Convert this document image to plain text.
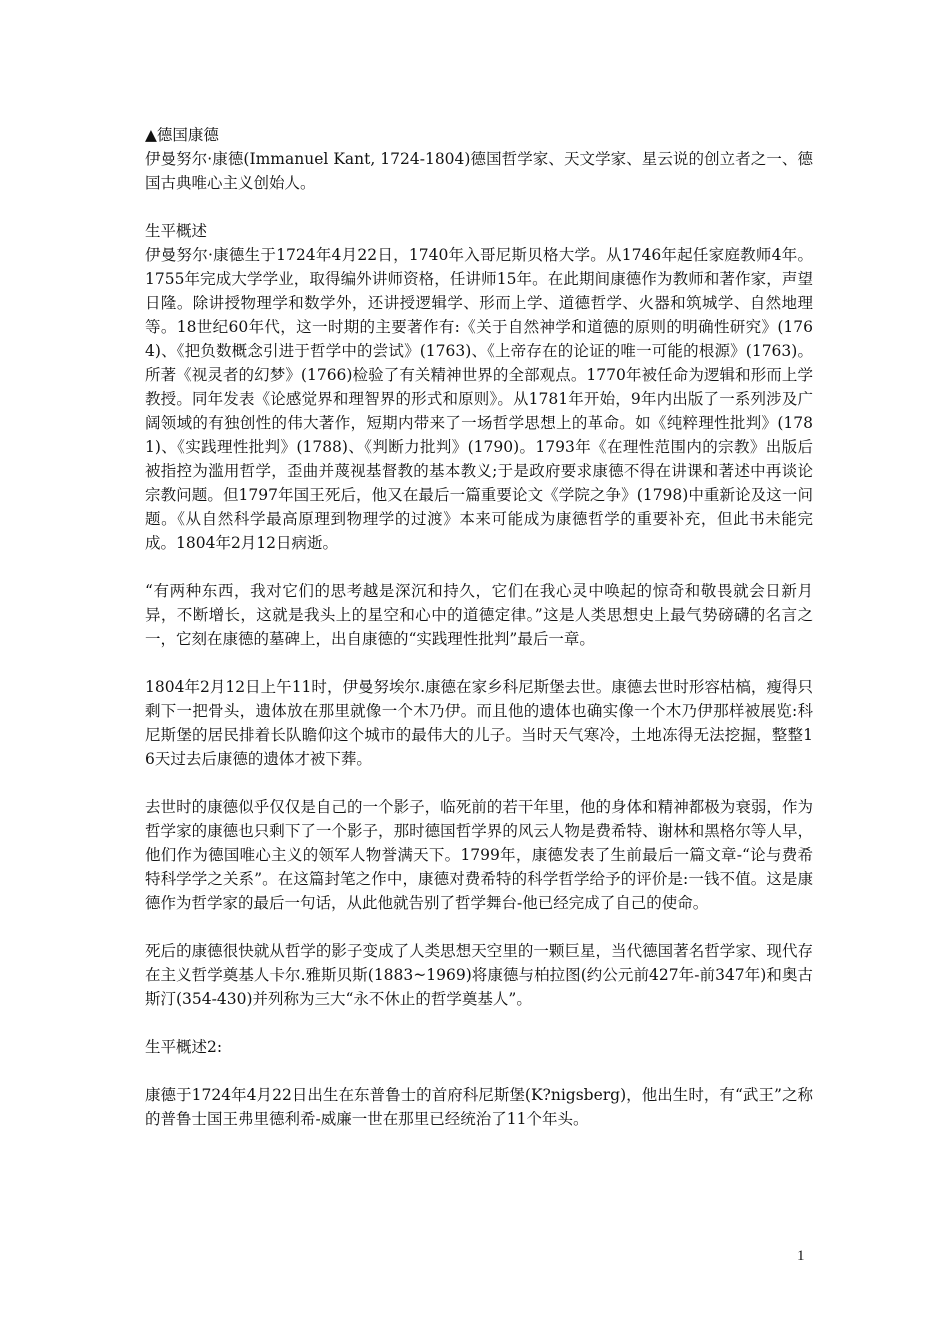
▲德国康德

伊曼努尔·康德(Immanuel Kant, 1724-1804)德国哲学家、天文学家、星云说的创立者之一、德国古典唯心主义创始人。

生平概述

伊曼努尔·康德生于1724年4月22日，1740年入哥尼斯贝格大学。从1746年起任家庭教师4年。1755年完成大学学业，取得编外讲师资格，任讲师15年。在此期间康德作为教师和著作家，声望日隆。除讲授物理学和数学外，还讲授逻辑学、形而上学、道德哲学、火器和筑城学、自然地理等。18世纪60年代，这一时期的主要著作有:《关于自然神学和道德的原则的明确性研究》(1764)、《把负数概念引进于哲学中的尝试》(1763)、《上帝存在的论证的唯一可能的根源》(1763)。所著《视灵者的幻梦》(1766)检验了有关精神世界的全部观点。1770年被任命为逻辑和形而上学教授。同年发表《论感觉界和理智界的形式和原则》。从1781年开始，9年内出版了一系列涉及广阔领域的有独创性的伟大著作，短期内带来了一场哲学思想上的革命。如《纯粹理性批判》(1781)、《实践理性批判》(1788)、《判断力批判》(1790)。1793年《在理性范围内的宗教》出版后被指控为滥用哲学，歪曲并蔑视基督教的基本教义;于是政府要求康德不得在讲课和著述中再谈论宗教问题。但1797年国王死后，他又在最后一篇重要论文《学院之争》(1798)中重新论及这一问题。《从自然科学最高原理到物理学的过渡》本来可能成为康德哲学的重要补充，但此书未能完成。1804年2月12日病逝。

“有两种东西，我对它们的思考越是深沉和持久，它们在我心灵中唤起的惊奇和敬畏就会日新月异，不断增长，这就是我头上的星空和心中的道德定律。”这是人类思想史上最气势磅礴的名言之一，它刻在康德的墓碑上，出自康德的“实践理性批判”最后一章。

1804年2月12日上午11时，伊曼努埃尔.康德在家乡科尼斯堡去世。康德去世时形容枯槁，瘦得只剩下一把骨头，遗体放在那里就像一个木乃伊。而且他的遗体也确实像一个木乃伊那样被展览:科尼斯堡的居民排着长队瞻仰这个城市的最伟大的儿子。当时天气寒冷，土地冻得无法挖掘，整整16天过去后康德的遗体才被下葬。

去世时的康德似乎仅仅是自己的一个影子，临死前的若干年里，他的身体和精神都极为衰弱，作为哲学家的康德也只剩下了一个影子，那时德国哲学界的风云人物是费希特、谢林和黑格尔等人早，他们作为德国唯心主义的领军人物誉满天下。1799年，康德发表了生前最后一篇文章-“论与费希特科学学之关系”。在这篇封笔之作中，康德对费希特的科学哲学给予的评价是:一钱不值。这是康德作为哲学家的最后一句话，从此他就告别了哲学舞台-他已经完成了自己的使命。

死后的康德很快就从哲学的影子变成了人类思想天空里的一颗巨星，当代德国著名哲学家、现代存在主义哲学奠基人卡尔.雅斯贝斯(1883~1969)将康德与柏拉图(约公元前427年-前347年)和奥古斯汀(354-430)并列称为三大“永不休止的哲学奠基人”。

生平概述2:

康德于1724年4月22日出生在东普鲁士的首府科尼斯堡(K?nigsberg)，他出生时，有“武王”之称的普鲁士国王弗里德利希-威廉一世在那里已经统治了11个年头。

1
